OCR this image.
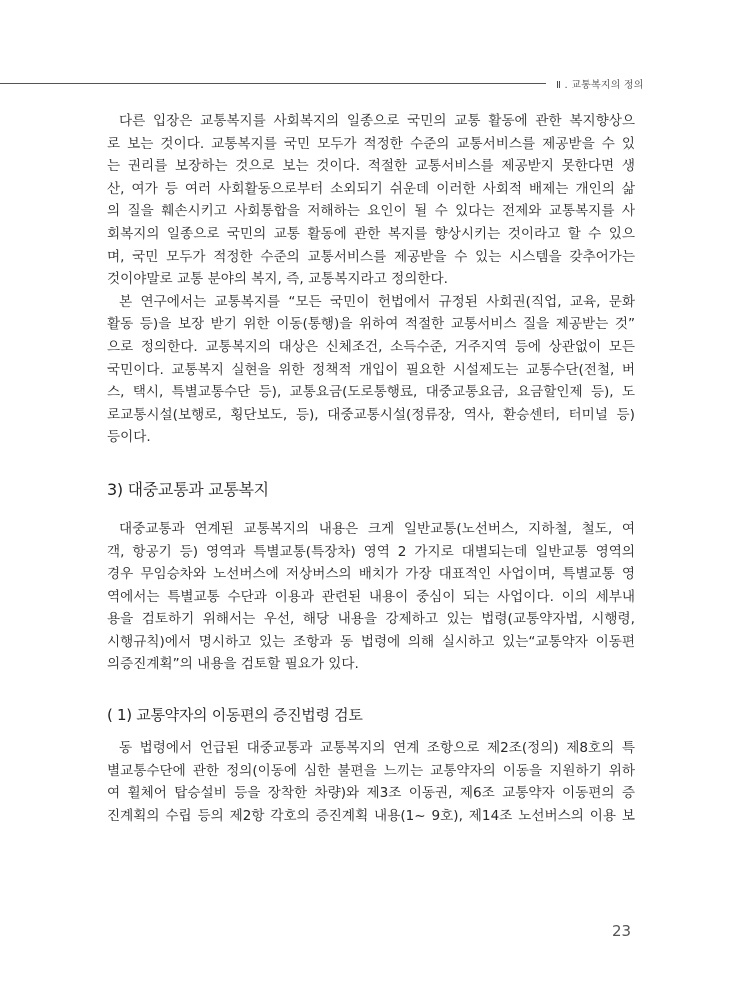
Ⅱ . 교통복지의 정의
다른 입장은 교통복지를 사회복지의 일종으로 국민의 교통 활동에 관한 복지향상으
로 보는 것이다. 교통복지를 국민 모두가 적정한 수준의 교통서비스를 제공받을 수 있
는 권리를 보장하는 것으로 보는 것이다. 적절한 교통서비스를 제공받지 못한다면 생
산, 여가 등 여러 사회활동으로부터 소외되기 쉬운데 이러한 사회적 배제는 개인의 삶
의 질을 훼손시키고 사회통합을 저해하는 요인이 될 수 있다는 전제와 교통복지를 사
회복지의 일종으로 국민의 교통 활동에 관한 복지를 향상시키는 것이라고 할 수 있으
며, 국민 모두가 적정한 수준의 교통서비스를 제공받을 수 있는 시스템을 갖추어가는
것이야말로 교통 분야의 복지, 즉, 교통복지라고 정의한다.
본 연구에서는 교통복지를 “모든 국민이 헌법에서 규정된 사회권(직업, 교육, 문화
활동 등)을 보장 받기 위한 이동(통행)을 위하여 적절한 교통서비스 질을 제공받는 것”
으로 정의한다. 교통복지의 대상은 신체조건, 소득수준, 거주지역 등에 상관없이 모든
국민이다. 교통복지 실현을 위한 정책적 개입이 필요한 시설제도는 교통수단(전철, 버
스, 택시, 특별교통수단 등), 교통요금(도로통행료, 대중교통요금, 요금할인제 등), 도
로교통시설(보행로, 횡단보도, 등), 대중교통시설(정류장, 역사, 환승센터, 터미널 등)
등이다.
3) 대중교통과 교통복지
대중교통과 연계된 교통복지의 내용은 크게 일반교통(노선버스, 지하철, 철도, 여
객, 항공기 등) 영역과 특별교통(특장차) 영역 2 가지로 대별되는데 일반교통 영역의
경우 무임승차와 노선버스에 저상버스의 배치가 가장 대표적인 사업이며, 특별교통 영
역에서는 특별교통 수단과 이용과 관련된 내용이 중심이 되는 사업이다. 이의 세부내
용을 검토하기 위해서는 우선, 해당 내용을 강제하고 있는 법령(교통약자법, 시행령,
시행규칙)에서 명시하고 있는 조항과 동 법령에 의해 실시하고 있는“교통약자 이동편
의증진계획”의 내용을 검토할 필요가 있다.
( 1) 교통약자의 이동편의 증진법령 검토
동 법령에서 언급된 대중교통과 교통복지의 연계 조항으로 제2조(정의) 제8호의 특
별교통수단에 관한 정의(이동에 심한 불편을 느끼는 교통약자의 이동을 지원하기 위하
여 휠체어 탑승설비 등을 장착한 차량)와 제3조 이동권, 제6조 교통약자 이동편의 증
진계획의 수립 등의 제2항 각호의 증진계획 내용(1~ 9호), 제14조 노선버스의 이용 보
23
